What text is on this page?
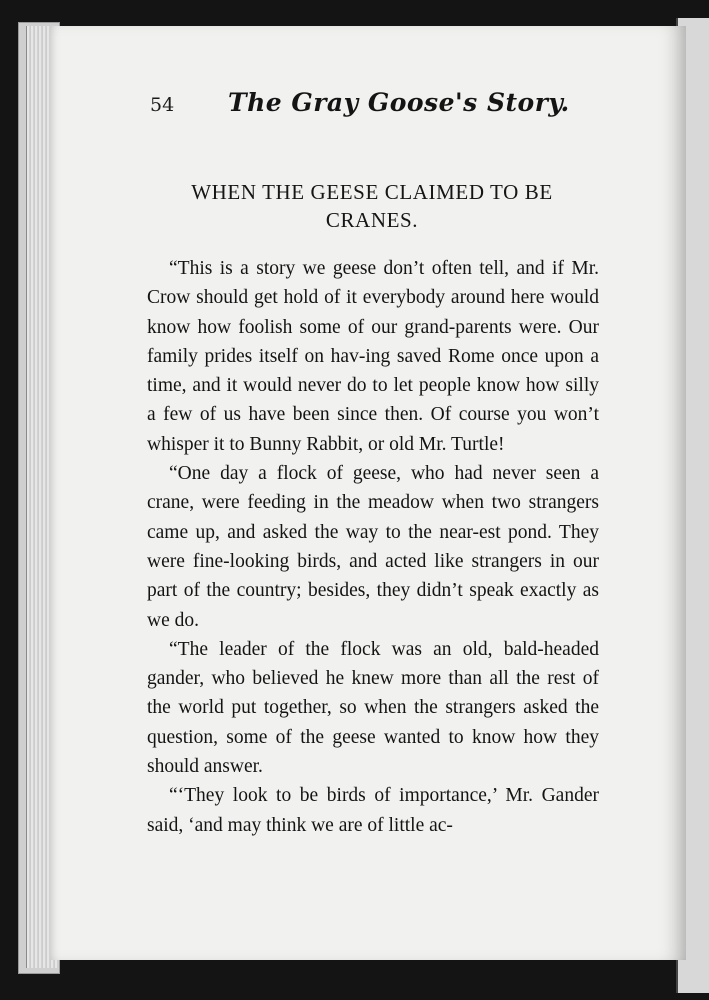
54 The Gray Goose's Story.
WHEN THE GEESE CLAIMED TO BE CRANES.

“This is a story we geese don’t often tell, and if Mr. Crow should get hold of it everybody around here would know how foolish some of our grand-parents were. Our family prides itself on hav-ing saved Rome once upon a time, and it would never do to let people know how silly a few of us have been since then. Of course you won’t whisper it to Bunny Rabbit, or old Mr. Turtle!

“One day a flock of geese, who had never seen a crane, were feeding in the meadow when two strangers came up, and asked the way to the near-est pond. They were fine-looking birds, and acted like strangers in our part of the country; besides, they didn’t speak exactly as we do.

“The leader of the flock was an old, bald-headed gander, who believed he knew more than all the rest of the world put together, so when the strangers asked the question, some of the geese wanted to know how they should answer.

“‘They look to be birds of importance,’ Mr. Gander said, ‘and may think we are of little ac-
